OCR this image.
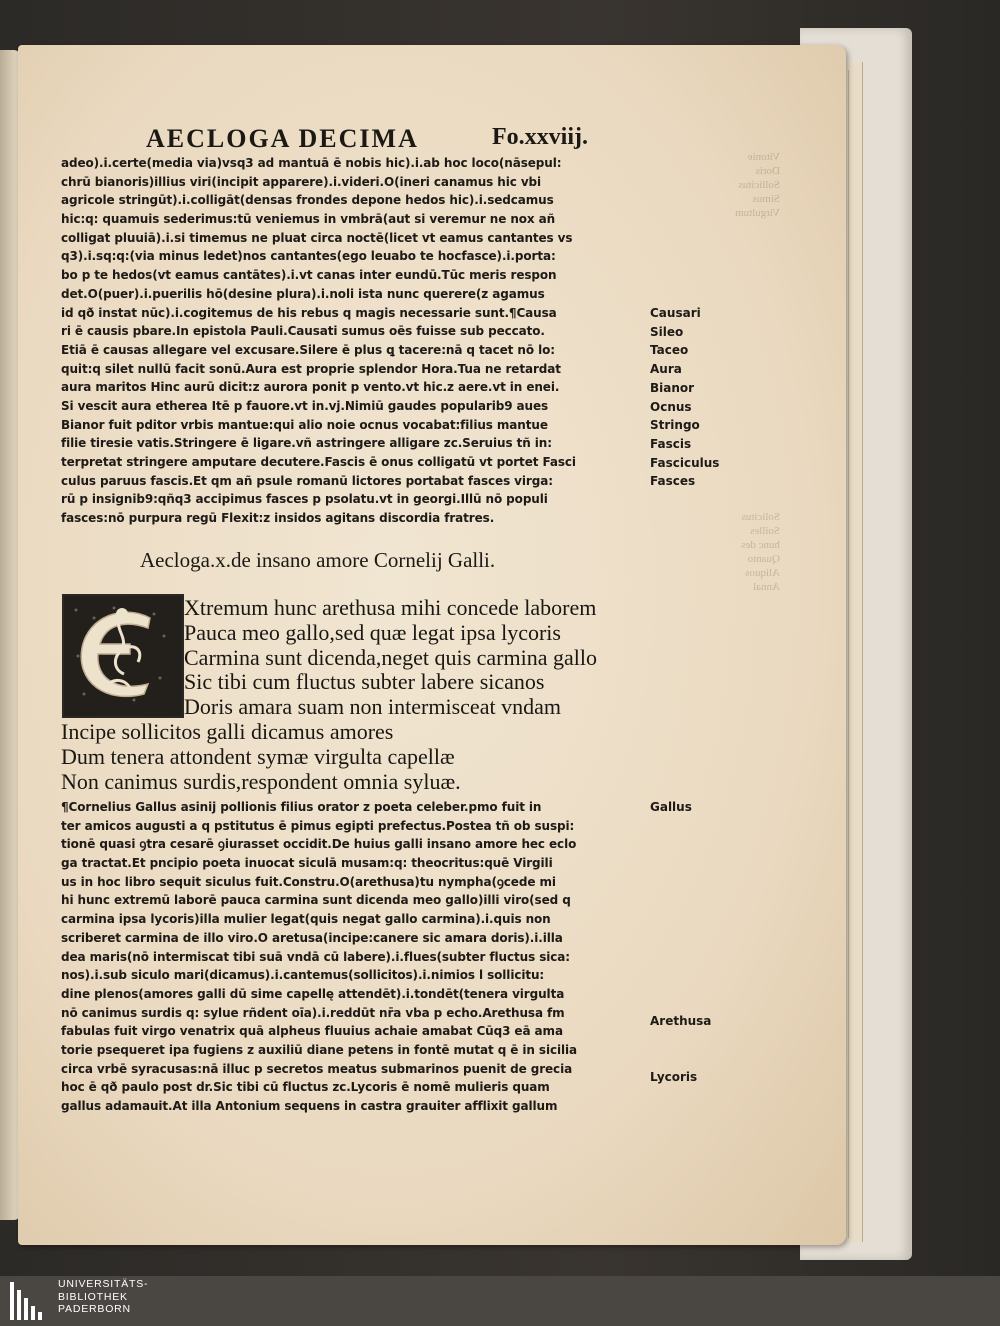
Vitonie
Doris
Sollicitus
Simus
Virgultum
Solicitus
Soilles
hunc des
Quanto
Aliquos
Annal
AECLOGA DECIMA	Fo.xxviij.
adeo).i.certe(media via)vsq3 ad mantuā ē nobis hic).i.ab hoc loco(nāsepul:
chrū bianoris)illius viri(incipit apparere).i.videri.O(ineri canamus hic vbi
agricole stringūt).i.colligāt(densas frondes depone hedos hic).i.sedcamus
hic:q: quamuis sederimus:tū veniemus in vmbrā(aut si veremur ne nox añ
colligat pluuiā).i.si timemus ne pluat circa noctē(licet vt eamus cantantes vs
q3).i.sq:q:(via minus ledet)nos cantantes(ego leuabo te hocfasce).i.porta:
bo p te hedos(vt eamus cantātes).i.vt canas inter eundū.Tūc meris respon
det.O(puer).i.puerilis hō(desine plura).i.noli ista nunc querere(z agamus
id qð instat nūc).i.cogitemus de his rebus q magis necessarie sunt.¶Causa
ri ē causis pbare.In epistola Pauli.Causati sumus oēs fuisse sub peccato.
Etiā ē causas allegare vel excusare.Silere ē plus ꝗ tacere:nā q tacet nō lo:
quit:q silet nullū facit sonū.Aura est proprie splendor Hora.Tua ne retardat
aura maritos Hinc aurū dicit:z aurora ponit p vento.vt hic.z aere.vt in enei.
Si vescit aura etherea Itē p fauore.vt in.vj.Nimiū gaudes popularib9 aues
Bianor fuit pditor vrbis mantue:qui alio noie ocnus vocabat:filius mantue
filie tiresie vatis.Stringere ē ligare.vñ astringere alligare zc.Seruius tñ in:
terpretat stringere amputare decutere.Fascis ē onus colligatū vt portet Fasci
culus paruus fascis.Et qm añ psule romanū lictores portabat fasces virga:
rū p insignib9:qñq3 accipimus fasces p psolatu.vt in georgi.Illū nō populi
fasces:nō purpura regū Flexit:z insidos agitans discordia fratres.
Causari
Sileo
Taceo
Aura
Bianor
Ocnus
Stringo
Fascis
Fasciculus
Fasces
Aecloga.x.de insano amore Cornelij Galli.
Xtremum hunc arethusa mihi concede laborem
Pauca meo gallo,sed quæ legat ipsa lycoris
Carmina sunt dicenda,neget quis carmina gallo
Sic tibi cum fluctus subter labere sicanos
Doris amara suam non intermisceat vndam
Incipe sollicitos galli dicamus amores
Dum tenera attondent symæ virgulta capellæ
Non canimus surdis,respondent omnia syluæ.
¶Cornelius Gallus asinij pollionis filius orator z poeta celeber.pmo fuit in
ter amicos augusti a q pstitutus ē pimus egipti prefectus.Postea tñ ob suspi:
tionē quasi ꝯtra cesarē ꝯiurasset occidit.De huius galli insano amore hec eclo
ga tractat.Et pncipio poeta inuocat siculā musam:q: theocritus:quē Virgili
us in hoc libro sequit siculus fuit.Constru.O(arethusa)tu nympha(ꝯcede mi
hi hunc extremū laborē pauca carmina sunt dicenda meo gallo)illi viro(sed q
carmina ipsa lycoris)illa mulier legat(quis negat gallo carmina).i.quis non
scriberet carmina de illo viro.O aretusa(incipe:canere sic amara doris).i.illa
dea maris(nō intermiscat tibi suā vndā cū labere).i.flues(subter fluctus sica:
nos).i.sub siculo mari(dicamus).i.cantemus(sollicitos).i.nimios l sollicitu:
dine plenos(amores galli dū sime capellę attendēt).i.tondēt(tenera virgulta
nō canimus surdis q: sylue rñdent oīa).i.reddūt nr̄a vba p echo.Arethusa fm
fabulas fuit virgo venatrix quā alpheus fluuius achaie amabat Cūq3 eā ama
torie psequeret ipa fugiens z auxiliū diane petens in fontē mutat q ē in sicilia
circa vrbē syracusas:nā illuc p secretos meatus submarinos puenit de grecia
hoc ē qð paulo post dr.Sic tibi cū fluctus zc.Lycoris ē nomē mulieris quam
gallus adamauit.At illa Antonium sequens in castra grauiter afflixit gallum
Gallus
Arethusa
Lycoris
UNIVERSITÄTS-
BIBLIOTHEK
PADERBORN
